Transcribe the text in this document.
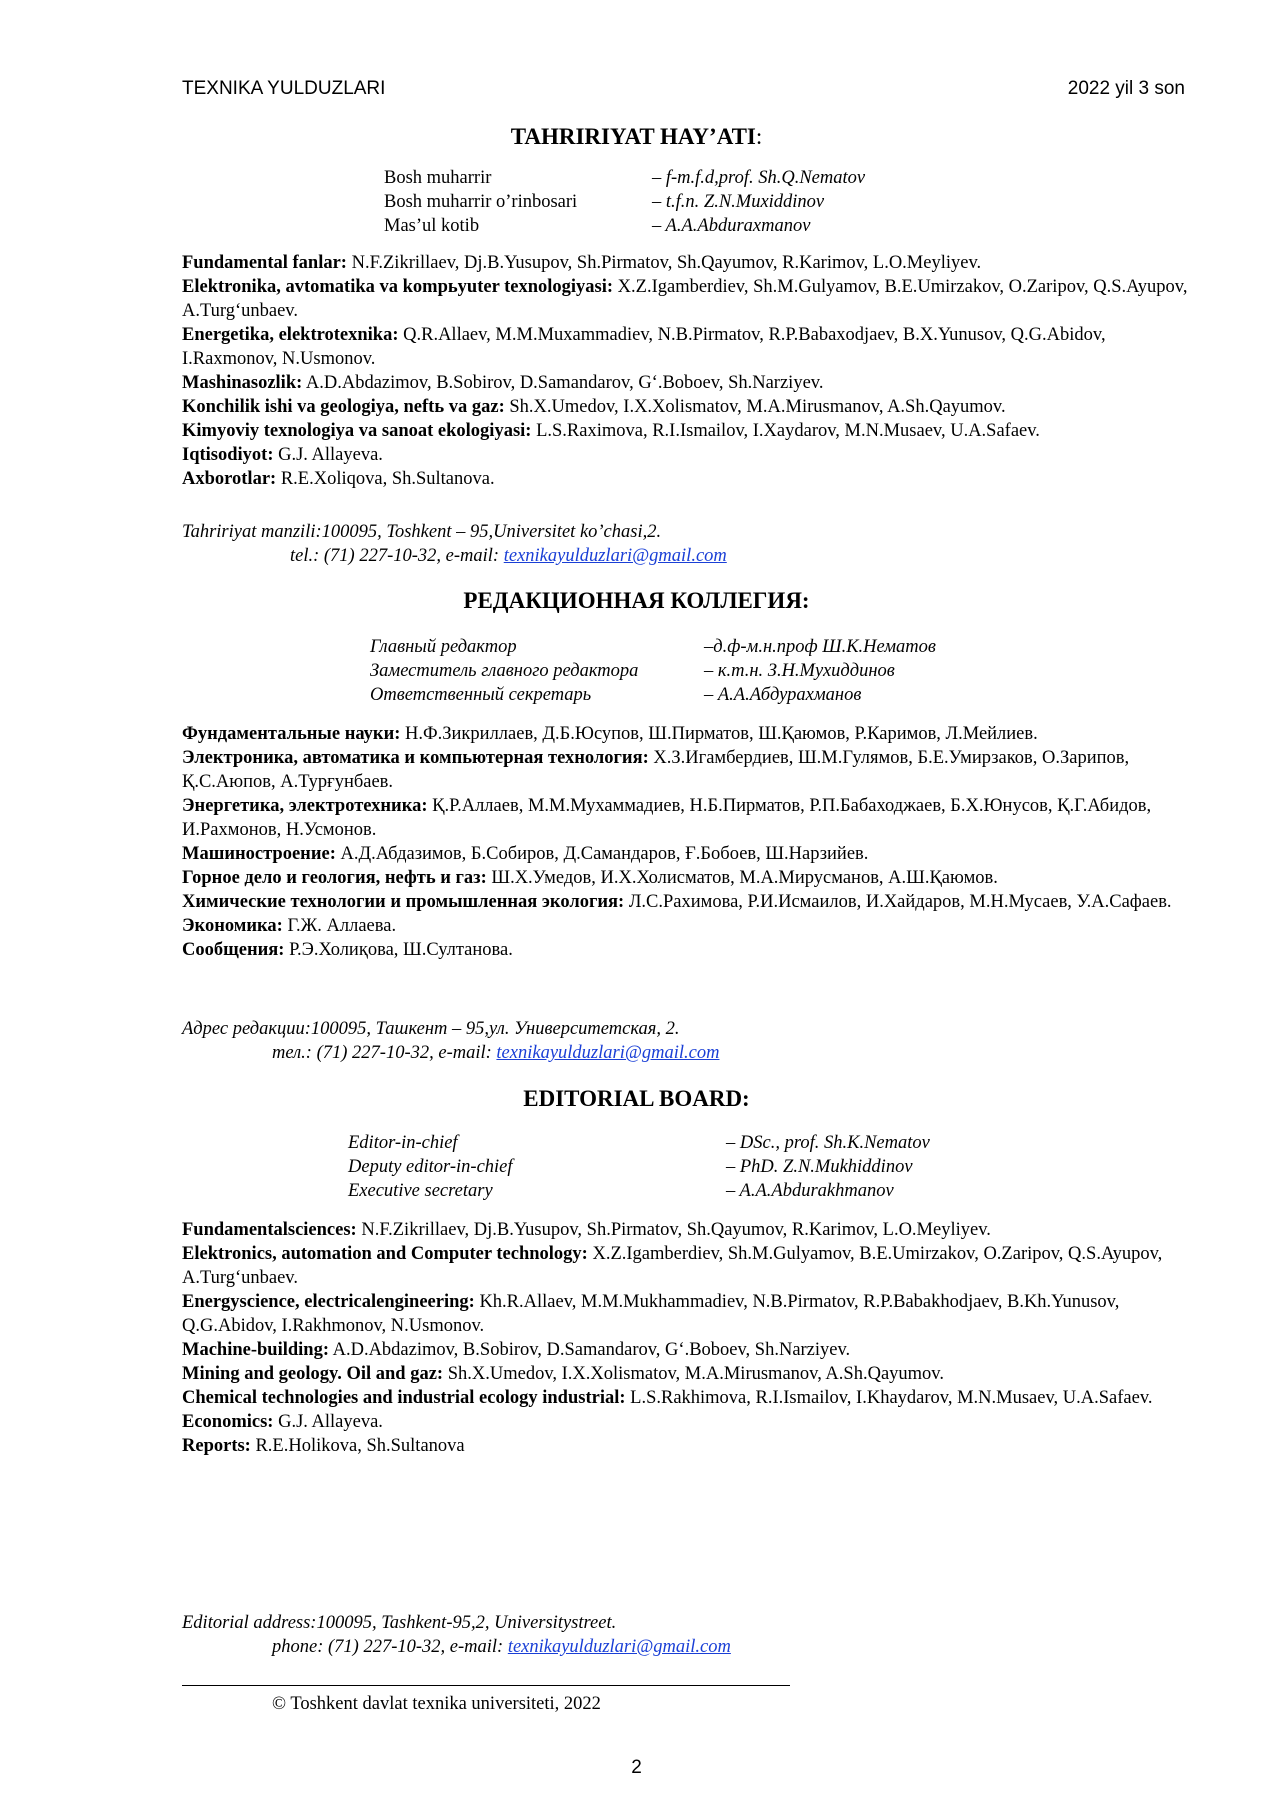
TEXNIKA YULDUZLARI	2022 yil 3 son
TAHRIRIYAT HAY’ATI:
Bosh muharrir	– f-m.f.d,prof. Sh.Q.Nematov
Bosh muharrir o’rinbosari	– t.f.n. Z.N.Muxiddinov
Mas’ul kotib	– A.A.Abduraxmanov
Fundamental fanlar: N.F.Zikrillaev, Dj.B.Yusupov, Sh.Pirmatov, Sh.Qayumov, R.Karimov, L.O.Meyliyev.
Elektronika, avtomatika va kompьyuter texnologiyasi: X.Z.Igamberdiev, Sh.M.Gulyamov, B.E.Umirzakov, O.Zaripov, Q.S.Ayupov, A.Turg‘unbaev.
Energetika, elektrotexnika: Q.R.Allaev, M.M.Muxammadiev, N.B.Pirmatov, R.P.Babaxodjaev, B.X.Yunusov, Q.G.Abidov, I.Raxmonov, N.Usmonov.
Mashinasozlik: A.D.Abdazimov, B.Sobirov, D.Samandarov, G‘.Boboev, Sh.Narziyev.
Konchilik ishi va geologiya, neftь va gaz: Sh.X.Umedov, I.X.Xolismatov, M.A.Mirusmanov, A.Sh.Qayumov.
Kimyoviy texnologiya va sanoat ekologiyasi: L.S.Raximova, R.I.Ismailov, I.Xaydarov, M.N.Musaev, U.A.Safaev.
Iqtisodiyot: G.J. Allayeva.
Axborotlar: R.E.Xoliqova, Sh.Sultanova.
Tahririyat manzili:100095, Toshkent – 95,Universitet ko’chasi,2.
tel.: (71) 227-10-32, e-mail: texnikayulduzlari@gmail.com
РЕДАКЦИОННАЯ КОЛЛЕГИЯ:
Главный редактор	–д.ф-м.н.проф Ш.К.Нематов
Заместитель главного редактора	– к.т.н. З.Н.Мухиддинов
Ответственный секретарь	– А.А.Абдурахманов
Фундаментальные науки: Н.Ф.Зикриллаев, Д.Б.Юсупов, Ш.Пирматов, Ш.Қаюмов, Р.Каримов, Л.Мейлиев.
Электроника, автоматика и компьютерная технология: Х.З.Игамбердиев, Ш.М.Гулямов, Б.Е.Умирзаков, О.Зарипов, Қ.С.Аюпов, А.Турғунбаев.
Энергетика, электротехника: Қ.Р.Аллаев, М.М.Мухаммадиев, Н.Б.Пирматов, Р.П.Бабаходжаев, Б.Х.Юнусов, Қ.Г.Абидов, И.Рахмонов, Н.Усмонов.
Машиностроение: А.Д.Абдазимов, Б.Собиров, Д.Самандаров, Ғ.Бобоев, Ш.Нарзийев.
Горное дело и геология, нефть и газ: Ш.Х.Умедов, И.Х.Холисматов, М.А.Мирусманов, А.Ш.Қаюмов.
Химические технологии и промышленная экология: Л.С.Рахимова, Р.И.Исмаилов, И.Хайдаров, М.Н.Мусаев, У.А.Сафаев.
Экономика: Г.Ж. Аллаева.
Сообщения: Р.Э.Холиқова, Ш.Султанова.
Адрес редакции:100095, Ташкент – 95,ул. Университетская, 2.
тел.: (71) 227-10-32, e-mail: texnikayulduzlari@gmail.com
EDITORIAL BOARD:
Editor-in-chief	– DSc., prof. Sh.K.Nematov
Deputy editor-in-chief	– PhD. Z.N.Mukhiddinov
Executive secretary	– A.A.Abdurakhmanov
Fundamentalsciences: N.F.Zikrillaev, Dj.B.Yusupov, Sh.Pirmatov, Sh.Qayumov, R.Karimov, L.O.Meyliyev.
Elektronics, automation and Computer technology: X.Z.Igamberdiev, Sh.M.Gulyamov, B.E.Umirzakov, O.Zaripov, Q.S.Ayupov, A.Turg‘unbaev.
Energyscience, electricalengineering: Kh.R.Allaev, M.M.Mukhammadiev, N.B.Pirmatov, R.P.Babakhodjaev, B.Kh.Yunusov, Q.G.Abidov, I.Rakhmonov, N.Usmonov.
Machine-building: A.D.Abdazimov, B.Sobirov, D.Samandarov, G‘.Boboev, Sh.Narziyev.
Mining and geology. Oil and gaz: Sh.X.Umedov, I.X.Xolismatov, M.A.Mirusmanov, A.Sh.Qayumov.
Chemical technologies and industrial ecology industrial: L.S.Rakhimova, R.I.Ismailov, I.Khaydarov, M.N.Musaev, U.A.Safaev.
Economics: G.J. Allayeva.
Reports: R.E.Holikova, Sh.Sultanova
Editorial address:100095, Tashkent-95,2, Universitystreet.
phone: (71) 227-10-32, e-mail: texnikayulduzlari@gmail.com
© Toshkent davlat texnika universiteti, 2022
2
